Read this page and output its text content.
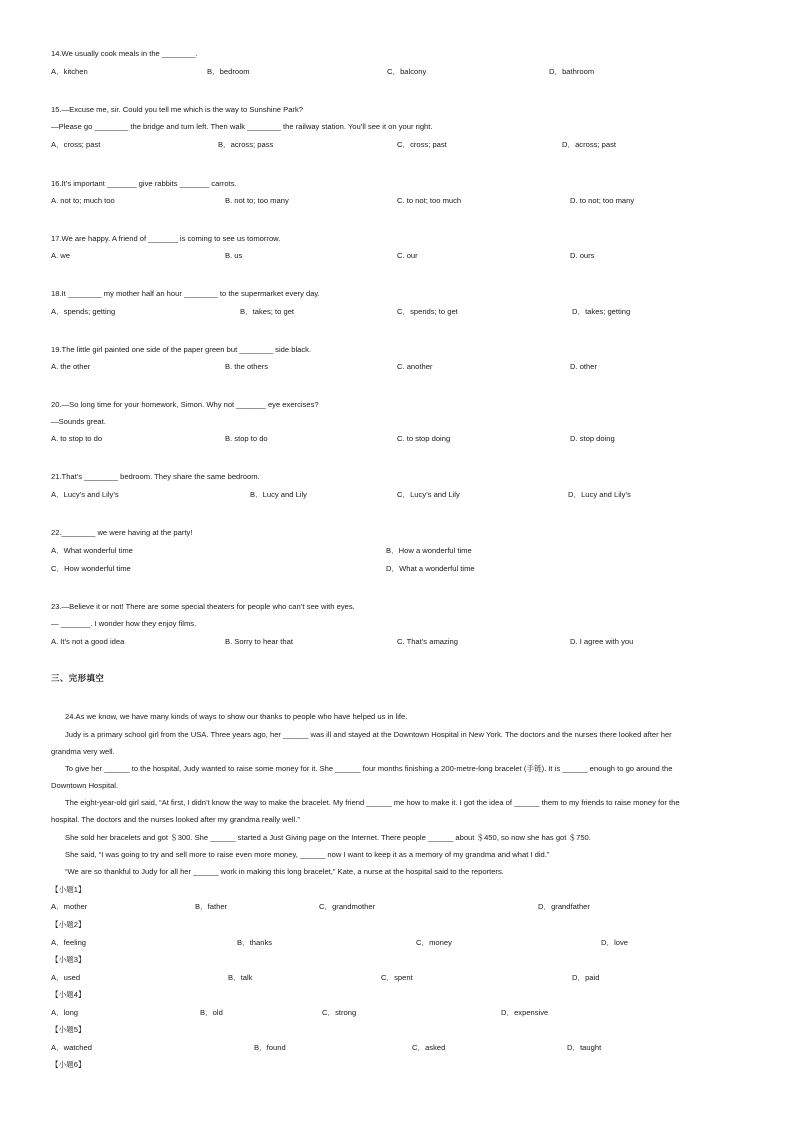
14.We usually cook meals in the ________.
A．kitchen	B．bedroom	C．balcony	D．bathroom
15.—Excuse me, sir. Could you tell me which is the way to Sunshine Park?
—Please go ________ the bridge and turn left. Then walk ________ the railway station. You’ll see it on your right.
A．cross; past	B．across; pass	C．cross; past	D．across; past
16.It’s important _______ give rabbits _______ carrots.
A. not to; much too	B. not to; too many	C. to not; too much	D. to not; too many
17.We are happy. A friend of _______ is coming to see us tomorrow.
A. we	B. us	C. our	D. ours
18.It ________ my mother half an hour ________ to the supermarket every day.
A．spends; getting	B．takes; to get	C．spends; to get	D．takes; getting
19.The little girl painted one side of the paper green but ________ side black.
A. the other	B. the others	C. another	D. other
20.—So long time for your homework, Simon. Why not _______ eye exercises?
—Sounds great.
A. to stop to do	B. stop to do	C. to stop doing	D. stop doing
21.That’s ________ bedroom. They share the same bedroom.
A．Lucy’s and Lily’s	B．Lucy and Lily	C．Lucy’s and Lily	D．Lucy and Lily’s
22.________ we were having at the party!
A．What wonderful time	B．How a wonderful time
C．How wonderful time	D．What a wonderful time
23.—Believe it or not! There are some special theaters for people who can’t see with eyes.
— _______. I wonder how they enjoy films.
A. It’s not a good idea	B. Sorry to hear that	C. That’s amazing	D. I agree with you
三、完形填空
24.As we know, we have many kinds of ways to show our thanks to people who have helped us in life.
Judy is a primary school girl from the USA. Three years ago, her ______ was ill and stayed at the Downtown Hospital in New York. The doctors and the nurses there looked after her
grandma very well.
To give her ______ to the hospital, Judy wanted to raise some money for it. She ______ four months finishing a 200-metre-long bracelet (手链). It is ______ enough to go around the
Downtown Hospital.
The eight-year-old girl said, “At first, I didn’t know the way to make the bracelet. My friend ______ me how to make it. I got the idea of ______ them to my friends to raise money for the
hospital. The doctors and the nurses looked after my grandma really well.”
She sold her bracelets and got ＄300. She ______ started a Just Giving page on the Internet. There people ______ about ＄450, so now she has got ＄750.
She said, “I was going to try and sell more to raise even more money, ______ now I want to keep it as a memory of my grandma and what I did.”
“We are so thankful to Judy for all her ______ work in making this long bracelet,” Kate, a nurse at the hospital said to the reporters.
【小题1】
A．mother	B．father	C．grandmother	D．grandfather
【小题2】
A．feeling	B．thanks	C．money	D．love
【小题3】
A．used	B．talk	C．spent	D．paid
【小题4】
A．long	B．old	C．strong	D．expensive
【小题5】
A．watched	B．found	C．asked	D．taught
【小题6】
